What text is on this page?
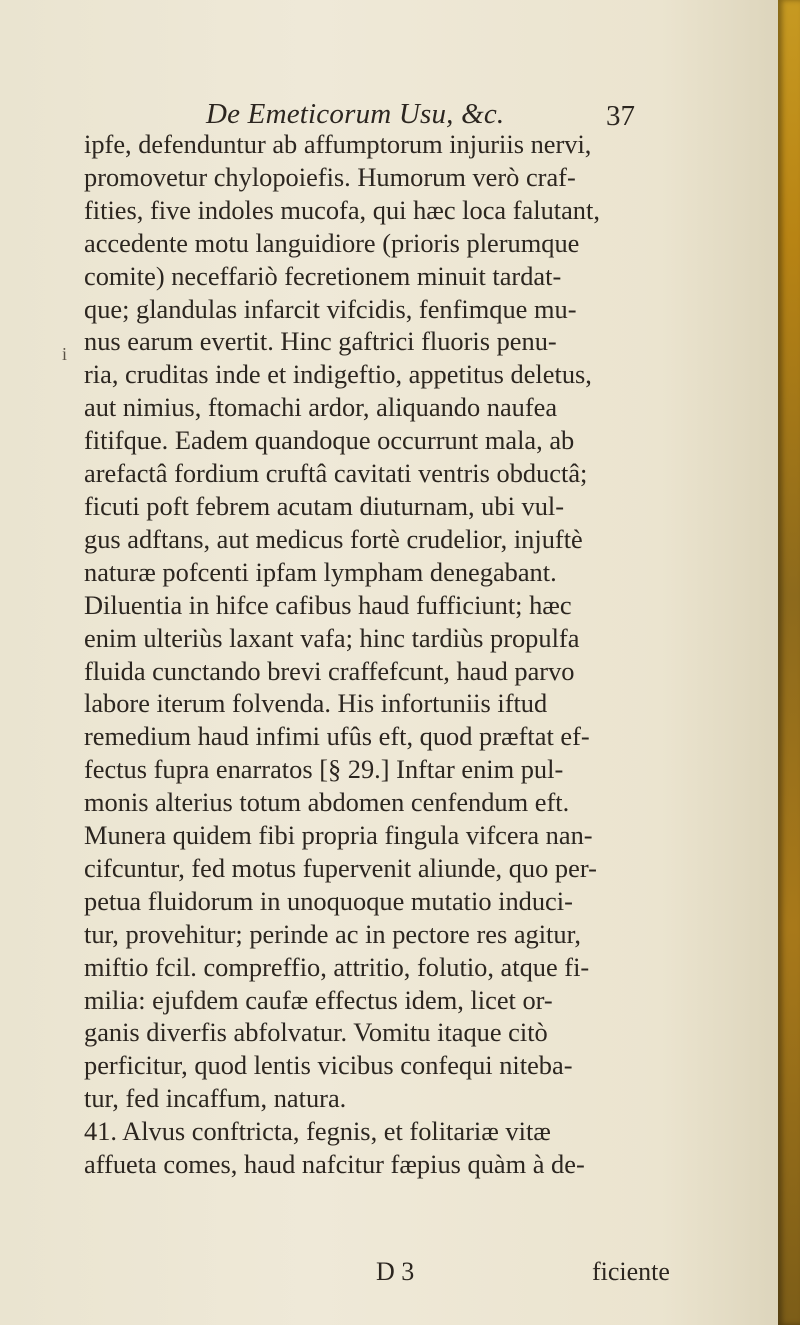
De Emeticorum Usu, &c.	37
i
ipfe, defenduntur ab affumptorum injuriis nervi,
promovetur chylopoiefis. Humorum verò craf-
fities, five indoles mucofa, qui hæc loca falutant,
accedente motu languidiore (prioris plerumque
comite) neceffariò fecretionem minuit tardat-
que; glandulas infarcit vifcidis, fenfimque mu-
nus earum evertit. Hinc gaftrici fluoris penu-
ria, cruditas inde et indigeftio, appetitus deletus,
aut nimius, ftomachi ardor, aliquando naufea
fitifque. Eadem quandoque occurrunt mala, ab
arefactâ fordium cruftâ cavitati ventris obductâ;
ficuti poft febrem acutam diuturnam, ubi vul-
gus adftans, aut medicus fortè crudelior, injuftè
naturæ pofcenti ipfam lympham denegabant.
Diluentia in hifce cafibus haud fufficiunt; hæc
enim ulteriùs laxant vafa; hinc tardiùs propulfa
fluida cunctando brevi craffefcunt, haud parvo
labore iterum folvenda. His infortuniis iftud
remedium haud infimi ufûs eft, quod præftat ef-
fectus fupra enarratos [§ 29.] Inftar enim pul-
monis alterius totum abdomen cenfendum eft.
Munera quidem fibi propria fingula vifcera nan-
cifcuntur, fed motus fupervenit aliunde, quo per-
petua fluidorum in unoquoque mutatio induci-
tur, provehitur; perinde ac in pectore res agitur,
miftio fcil. compreffio, attritio, folutio, atque fi-
milia: ejufdem caufæ effectus idem, licet or-
ganis diverfis abfolvatur. Vomitu itaque citò
perficitur, quod lentis vicibus confequi niteba-
tur, fed incaffum, natura.
41. Alvus conftricta, fegnis, et folitariæ vitæ
affueta comes, haud nafcitur fæpius quàm à de-
D 3	ficiente
